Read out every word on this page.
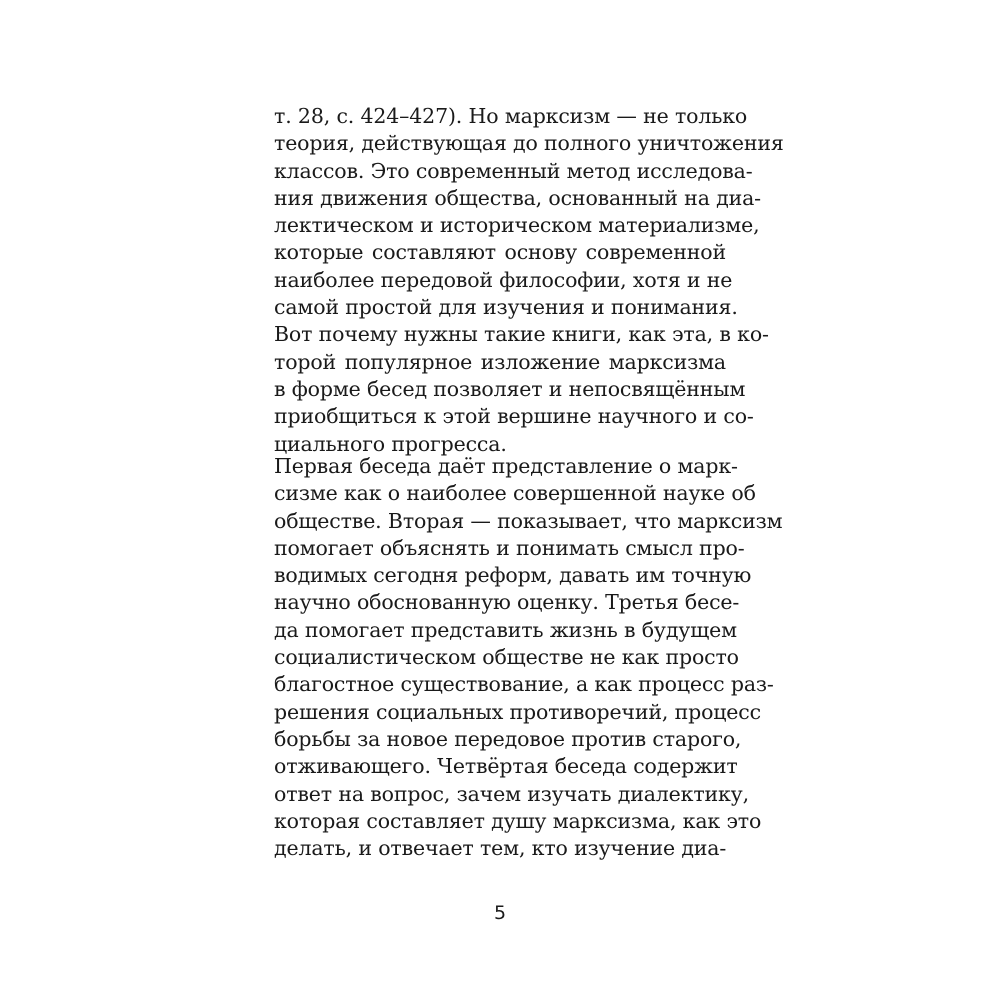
т. 28, с. 424–427). Но марксизм — не только
теория, действующая до полного уничтожения
классов. Это современный метод исследова-
ния движения общества, основанный на диа-
лектическом и историческом материализме,
которые составляют основу современной
наиболее передовой философии, хотя и не
самой простой для изучения и понимания.
Вот почему нужны такие книги, как эта, в ко-
торой популярное изложение марксизма
в форме бесед позволяет и непосвящённым
приобщиться к этой вершине научного и со-
циального прогресса.
Первая беседа даёт представление о марк-
сизме как о наиболее совершенной науке об
обществе. Вторая — показывает, что марксизм
помогает объяснять и понимать смысл про-
водимых сегодня реформ, давать им точную
научно обоснованную оценку. Третья бесе-
да помогает представить жизнь в будущем
социалистическом обществе не как просто
благостное существование, а как процесс раз-
решения социальных противоречий, процесс
борьбы за новое передовое против старого,
отживающего. Четвёртая беседа содержит
ответ на вопрос, зачем изучать диалектику,
которая составляет душу марксизма, как это
делать, и отвечает тем, кто изучение диа-
5
